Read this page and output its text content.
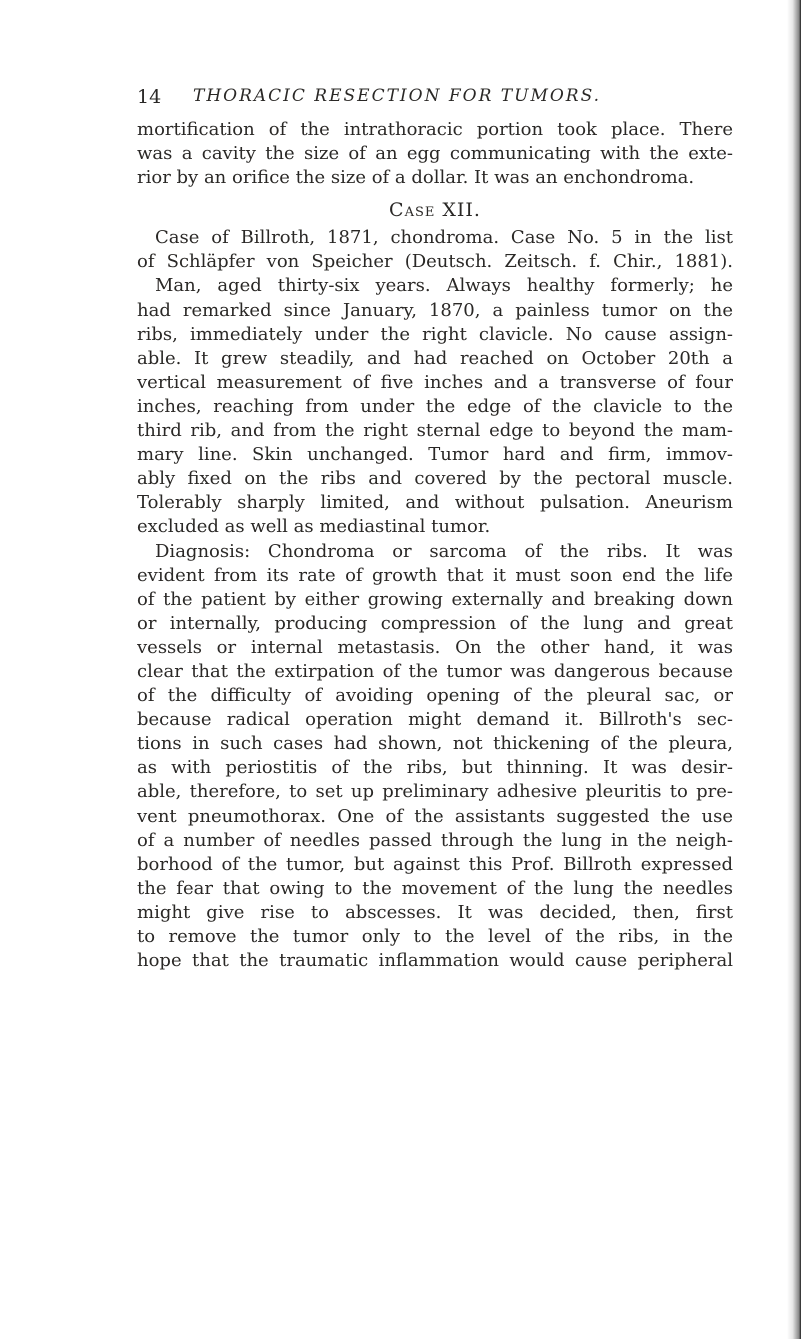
14 THORACIC RESECTION FOR TUMORS.
mortification of the intrathoracic portion took place. There
was a cavity the size of an egg communicating with the exte-
rior by an orifice the size of a dollar. It was an enchondroma.
Case XII.
Case of Billroth, 1871, chondroma. Case No. 5 in the list
of Schläpfer von Speicher (Deutsch. Zeitsch. f. Chir., 1881).
Man, aged thirty-six years. Always healthy formerly; he
had remarked since January, 1870, a painless tumor on the
ribs, immediately under the right clavicle. No cause assign-
able. It grew steadily, and had reached on October 20th a
vertical measurement of five inches and a transverse of four
inches, reaching from under the edge of the clavicle to the
third rib, and from the right sternal edge to beyond the mam-
mary line. Skin unchanged. Tumor hard and firm, immov-
ably fixed on the ribs and covered by the pectoral muscle.
Tolerably sharply limited, and without pulsation. Aneurism
excluded as well as mediastinal tumor.
Diagnosis: Chondroma or sarcoma of the ribs. It was
evident from its rate of growth that it must soon end the life
of the patient by either growing externally and breaking down
or internally, producing compression of the lung and great
vessels or internal metastasis. On the other hand, it was
clear that the extirpation of the tumor was dangerous because
of the difficulty of avoiding opening of the pleural sac, or
because radical operation might demand it. Billroth's sec-
tions in such cases had shown, not thickening of the pleura,
as with periostitis of the ribs, but thinning. It was desir-
able, therefore, to set up preliminary adhesive pleuritis to pre-
vent pneumothorax. One of the assistants suggested the use
of a number of needles passed through the lung in the neigh-
borhood of the tumor, but against this Prof. Billroth expressed
the fear that owing to the movement of the lung the needles
might give rise to abscesses. It was decided, then, first
to remove the tumor only to the level of the ribs, in the
hope that the traumatic inflammation would cause peripheral
